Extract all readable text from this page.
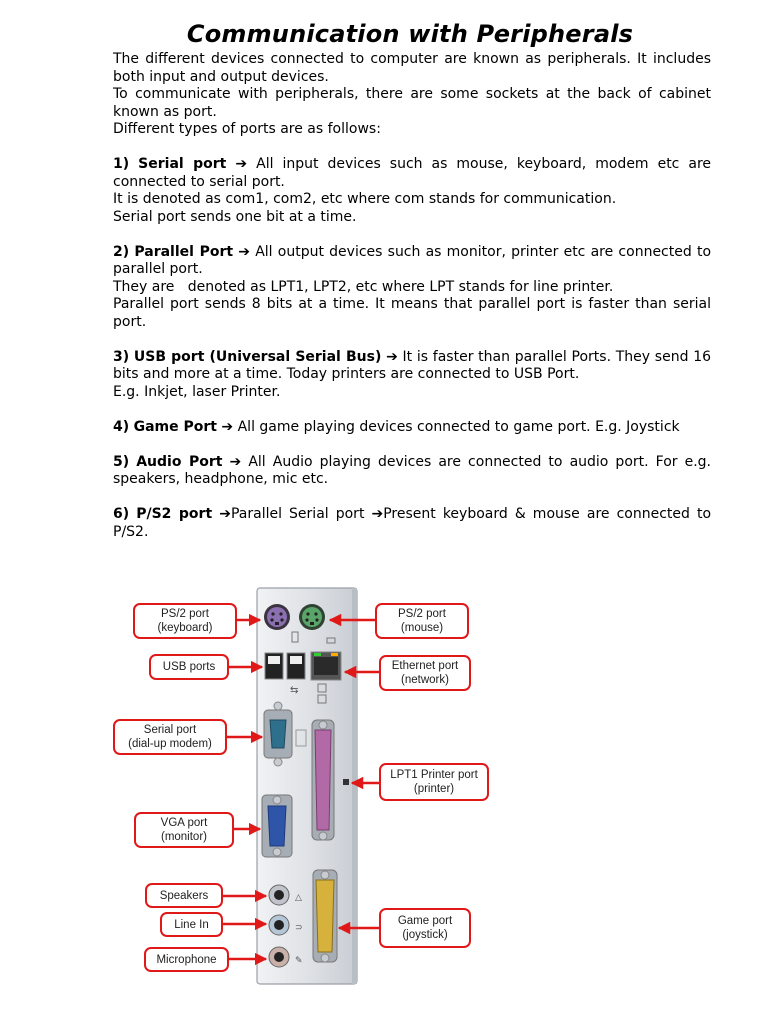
Communication with Peripherals

The different devices connected to computer are known as peripherals. It includes both input and output devices.

To communicate with peripherals, there are some sockets at the back of cabinet known as port.

Different types of ports are as follows:

1) Serial port ➔ All input devices such as mouse, keyboard, modem etc are connected to serial port.

It is denoted as com1, com2, etc where com stands for communication.

Serial port sends one bit at a time.

2) Parallel Port ➔ All output devices such as monitor, printer etc are connected to parallel port.

They are   denoted as LPT1, LPT2, etc where LPT stands for line printer.

Parallel port sends 8 bits at a time. It means that parallel port is faster than serial port.

3) USB port (Universal Serial Bus) ➔ It is faster than parallel Ports. They send 16 bits and more at a time. Today printers are connected to USB Port.

E.g. Inkjet, laser Printer.

4) Game Port ➔ All game playing devices connected to game port. E.g. Joystick

5) Audio Port ➔ All Audio playing devices are connected to audio port. For e.g. speakers, headphone, mic etc.

6) P/S2 port ➔Parallel Serial port ➔Present keyboard & mouse are connected to P/S2.

⇆
△
⊃
✎
PS/2 port
(keyboard)
USB ports
Serial port
(dial-up modem)
VGA port
(monitor)
Speakers
Line In
Microphone
PS/2 port
(mouse)
Ethernet port
(network)
LPT1 Printer port
(printer)
Game port
(joystick)
